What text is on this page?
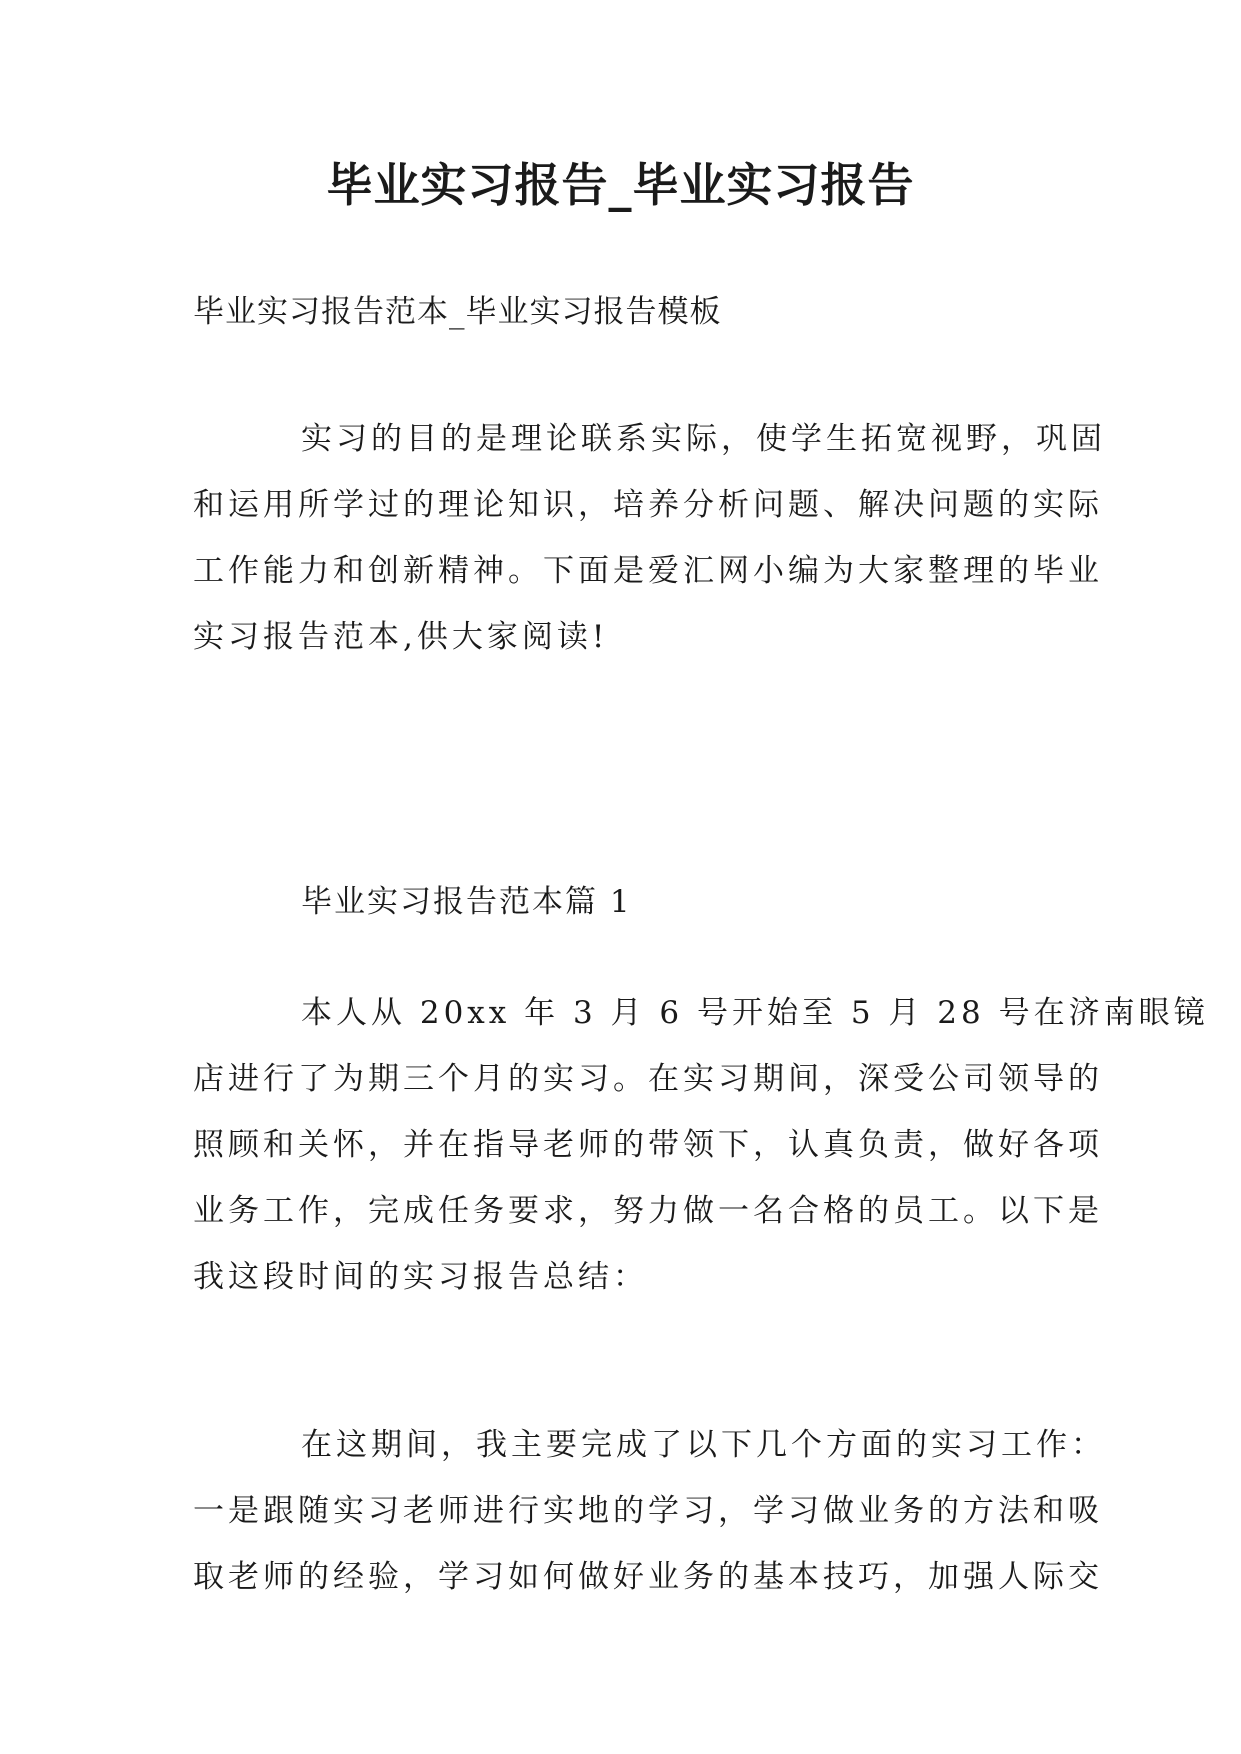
毕业实习报告_毕业实习报告

毕业实习报告范本_毕业实习报告模板

实习的目的是理论联系实际，使学生拓宽视野，巩固
和运用所学过的理论知识，培养分析问题、解决问题的实际
工作能力和创新精神。下面是爱汇网小编为大家整理的毕业
实习报告范本,供大家阅读!

毕业实习报告范本篇 1

本人从 20xx 年 3 月 6 号开始至 5 月 28 号在济南眼镜
店进行了为期三个月的实习。在实习期间，深受公司领导的
照顾和关怀，并在指导老师的带领下，认真负责，做好各项
业务工作，完成任务要求，努力做一名合格的员工。以下是
我这段时间的实习报告总结：

在这期间，我主要完成了以下几个方面的实习工作：
一是跟随实习老师进行实地的学习，学习做业务的方法和吸
取老师的经验，学习如何做好业务的基本技巧，加强人际交
